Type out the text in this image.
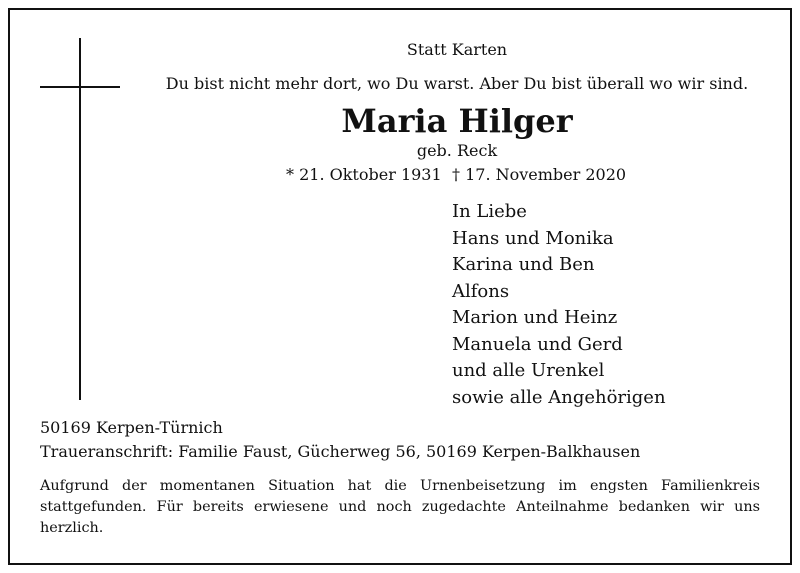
Statt Karten
Du bist nicht mehr dort, wo Du warst. Aber Du bist überall wo wir sind.
Maria Hilger
geb. Reck
* 21. Oktober 1931 † 17. November 2020
In Liebe
Hans und Monika
Karina und Ben
Alfons
Marion und Heinz
Manuela und Gerd
und alle Urenkel
sowie alle Angehörigen
50169 Kerpen-Türnich
Traueranschrift: Familie Faust, Gücherweg 56, 50169 Kerpen-Balkhausen
Aufgrund der momentanen Situation hat die Urnenbeisetzung im engsten Familienkreis stattgefunden. Für bereits erwiesene und noch zugedachte Anteilnahme bedanken wir uns herzlich.
